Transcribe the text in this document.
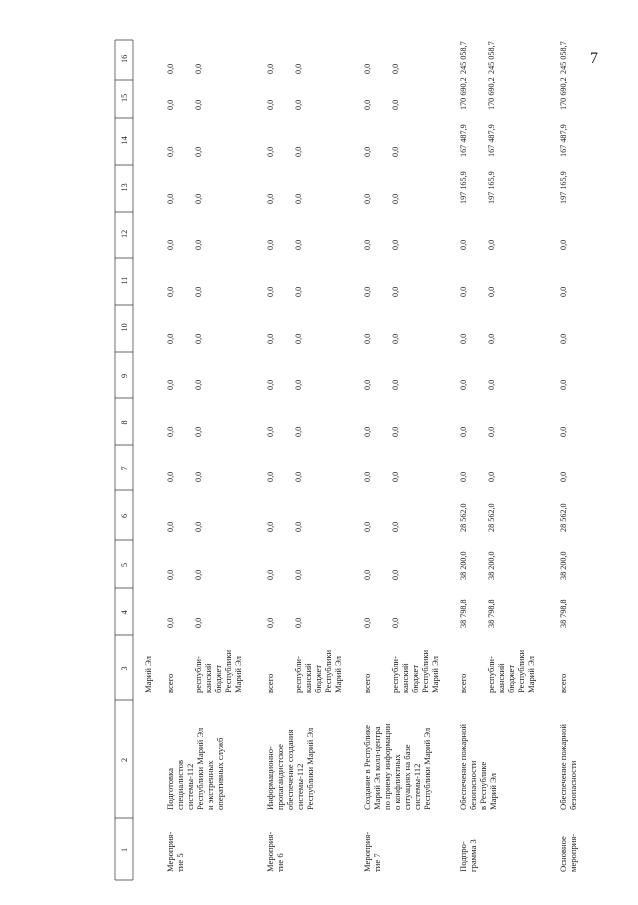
7
1
2
3
4
5
6
7
8
9
10
11
12
13
14
15
16
Марий Эл
Мероприя- тие 5
Подготовка специалистов системы-112 Республики Марий Эл и экстренных оперативных служб
всего
0,0
0,0
0,0
0,0
0,0
0,0
0,0
0,0
0,0
0,0
0,0
0,0
0,0
республи- канский бюджет Республики Марий Эл
0,0
0,0
0,0
0,0
0,0
0,0
0,0
0,0
0,0
0,0
0,0
0,0
0,0
Мероприя- тие 6
Информационно- пропагандистское обеспечение создания системы-112 Республики Марий Эл
всего
0,0
0,0
0,0
0,0
0,0
0,0
0,0
0,0
0,0
0,0
0,0
0,0
0,0
республи- канский бюджет Республики Марий Эл
0,0
0,0
0,0
0,0
0,0
0,0
0,0
0,0
0,0
0,0
0,0
0,0
0,0
Мероприя- тие 7
Создание в Республике Марий Эл колл-центра по приему информации о конфликтных ситуациях на базе системы-112 Республики Марий Эл
всего
0,0
0,0
0,0
0,0
0,0
0,0
0,0
0,0
0,0
0,0
0,0
0,0
0,0
республи- канский бюджет Республики Марий Эл
0,0
0,0
0,0
0,0
0,0
0,0
0,0
0,0
0,0
0,0
0,0
0,0
0,0
Подпро- грамма 3
Обеспечение пожарной безопасности в Республике Марий Эл
всего
38 798,8
38 200,0
28 562,0
0,0
0,0
0,0
0,0
0,0
0,0
197 165,9
167 487,9
170 690,2
245 058,7
республи- канский бюджет Республики Марий Эл
38 798,8
38 200,0
28 562,0
0,0
0,0
0,0
0,0
0,0
0,0
197 165,9
167 487,9
170 690,2
245 058,7
Основное мероприя-
Обеспечение пожарной безопасности
всего
38 798,8
38 200,0
28 562,0
0,0
0,0
0,0
0,0
0,0
0,0
197 165,9
167 487,9
170 690,2
245 058,7
